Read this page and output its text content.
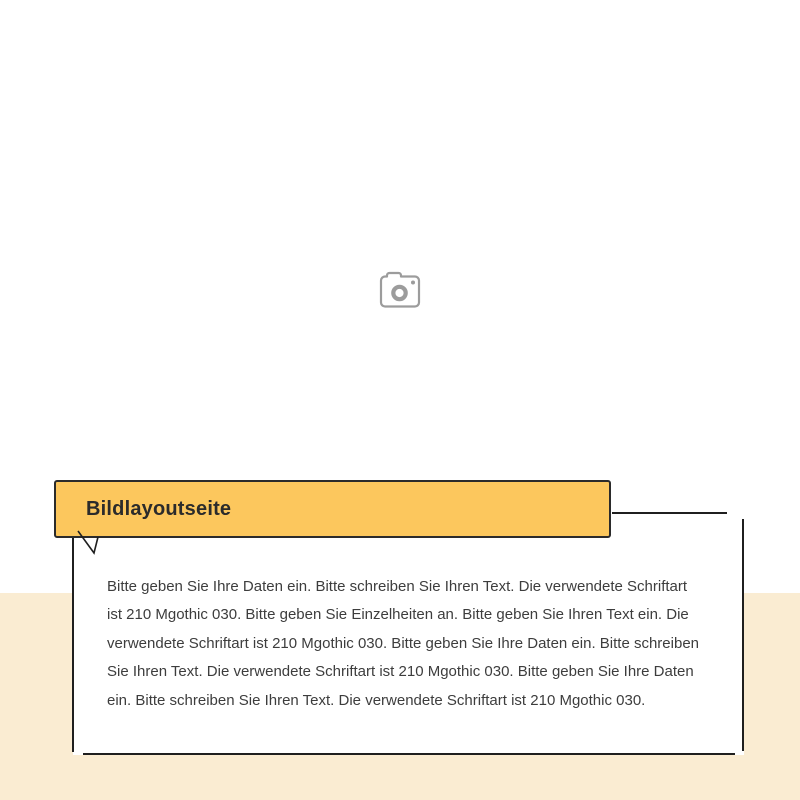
Bitte geben Sie Ihre Daten ein. Bitte schreiben Sie Ihren Text. Die verwendete Schriftart
ist 210 Mgothic 030. Bitte geben Sie Einzelheiten an. Bitte geben Sie Ihren Text ein. Die
verwendete Schriftart ist 210 Mgothic 030. Bitte geben Sie Ihre Daten ein. Bitte schreiben
Sie Ihren Text. Die verwendete Schriftart ist 210 Mgothic 030. Bitte geben Sie Ihre Daten
ein. Bitte schreiben Sie Ihren Text. Die verwendete Schriftart ist 210 Mgothic 030.
Bildlayoutseite
